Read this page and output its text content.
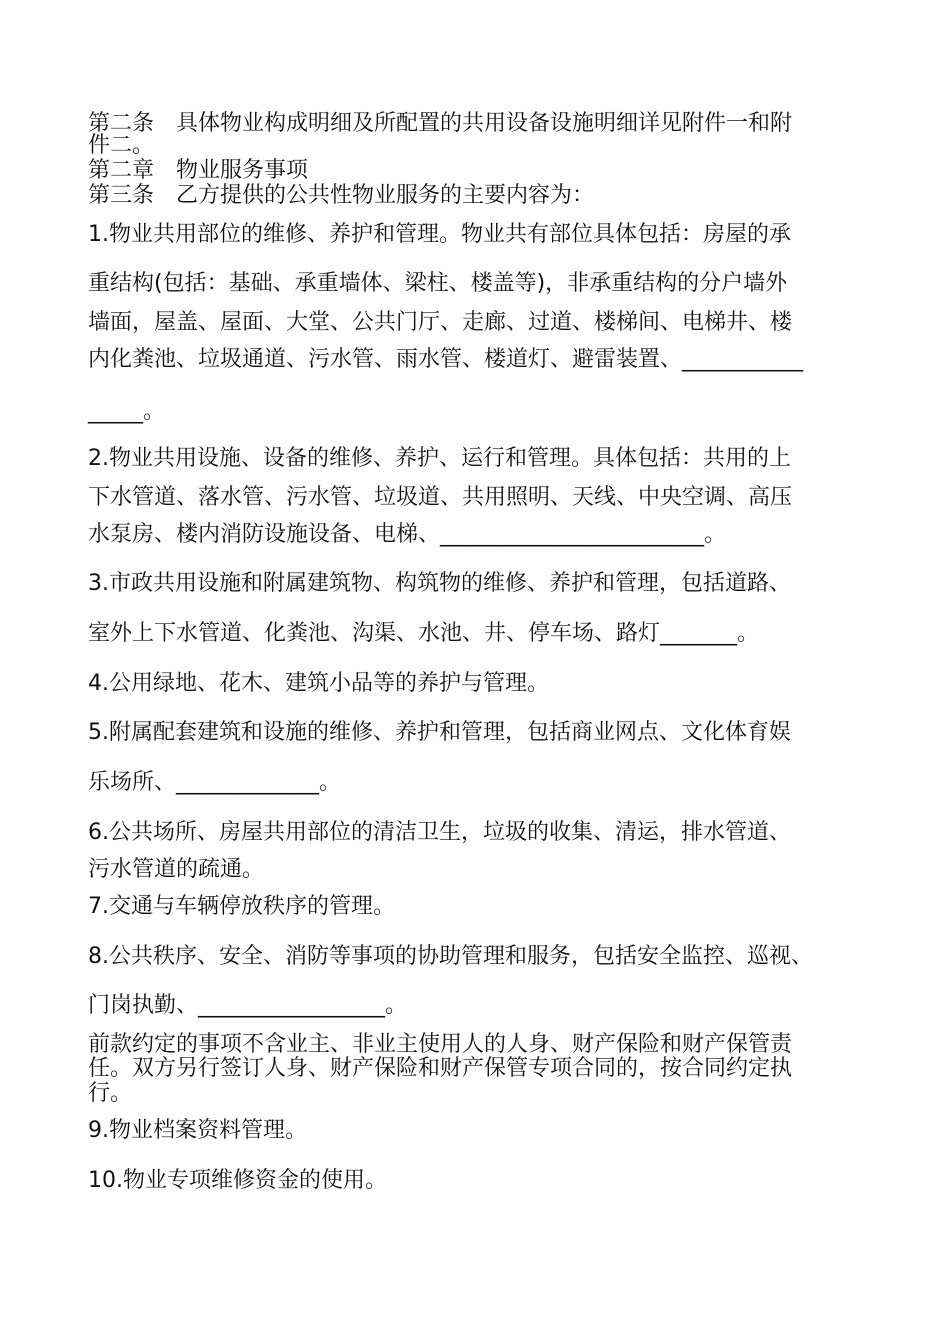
第二条　具体物业构成明细及所配置的共用设备设施明细详见附件一和附
件二。
第二章　物业服务事项
第三条　乙方提供的公共性物业服务的主要内容为：
1.物业共用部位的维修、养护和管理。物业共有部位具体包括：房屋的承
重结构(包括：基础、承重墙体、梁柱、楼盖等)，非承重结构的分户墙外
墙面，屋盖、屋面、大堂、公共门厅、走廊、过道、楼梯间、电梯井、楼
内化粪池、垃圾通道、污水管、雨水管、楼道灯、避雷装置、___________
_____。
2.物业共用设施、设备的维修、养护、运行和管理。具体包括：共用的上
下水管道、落水管、污水管、垃圾道、共用照明、天线、中央空调、高压
水泵房、楼内消防设施设备、电梯、________________________。
3.市政共用设施和附属建筑物、构筑物的维修、养护和管理，包括道路、
室外上下水管道、化粪池、沟渠、水池、井、停车场、路灯_______。
4.公用绿地、花木、建筑小品等的养护与管理。
5.附属配套建筑和设施的维修、养护和管理，包括商业网点、文化体育娱
乐场所、_____________。
6.公共场所、房屋共用部位的清洁卫生，垃圾的收集、清运，排水管道、
污水管道的疏通。
7.交通与车辆停放秩序的管理。
8.公共秩序、安全、消防等事项的协助管理和服务，包括安全监控、巡视、
门岗执勤、_________________。
前款约定的事项不含业主、非业主使用人的人身、财产保险和财产保管责
任。双方另行签订人身、财产保险和财产保管专项合同的，按合同约定执
行。
9.物业档案资料管理。
10.物业专项维修资金的使用。
